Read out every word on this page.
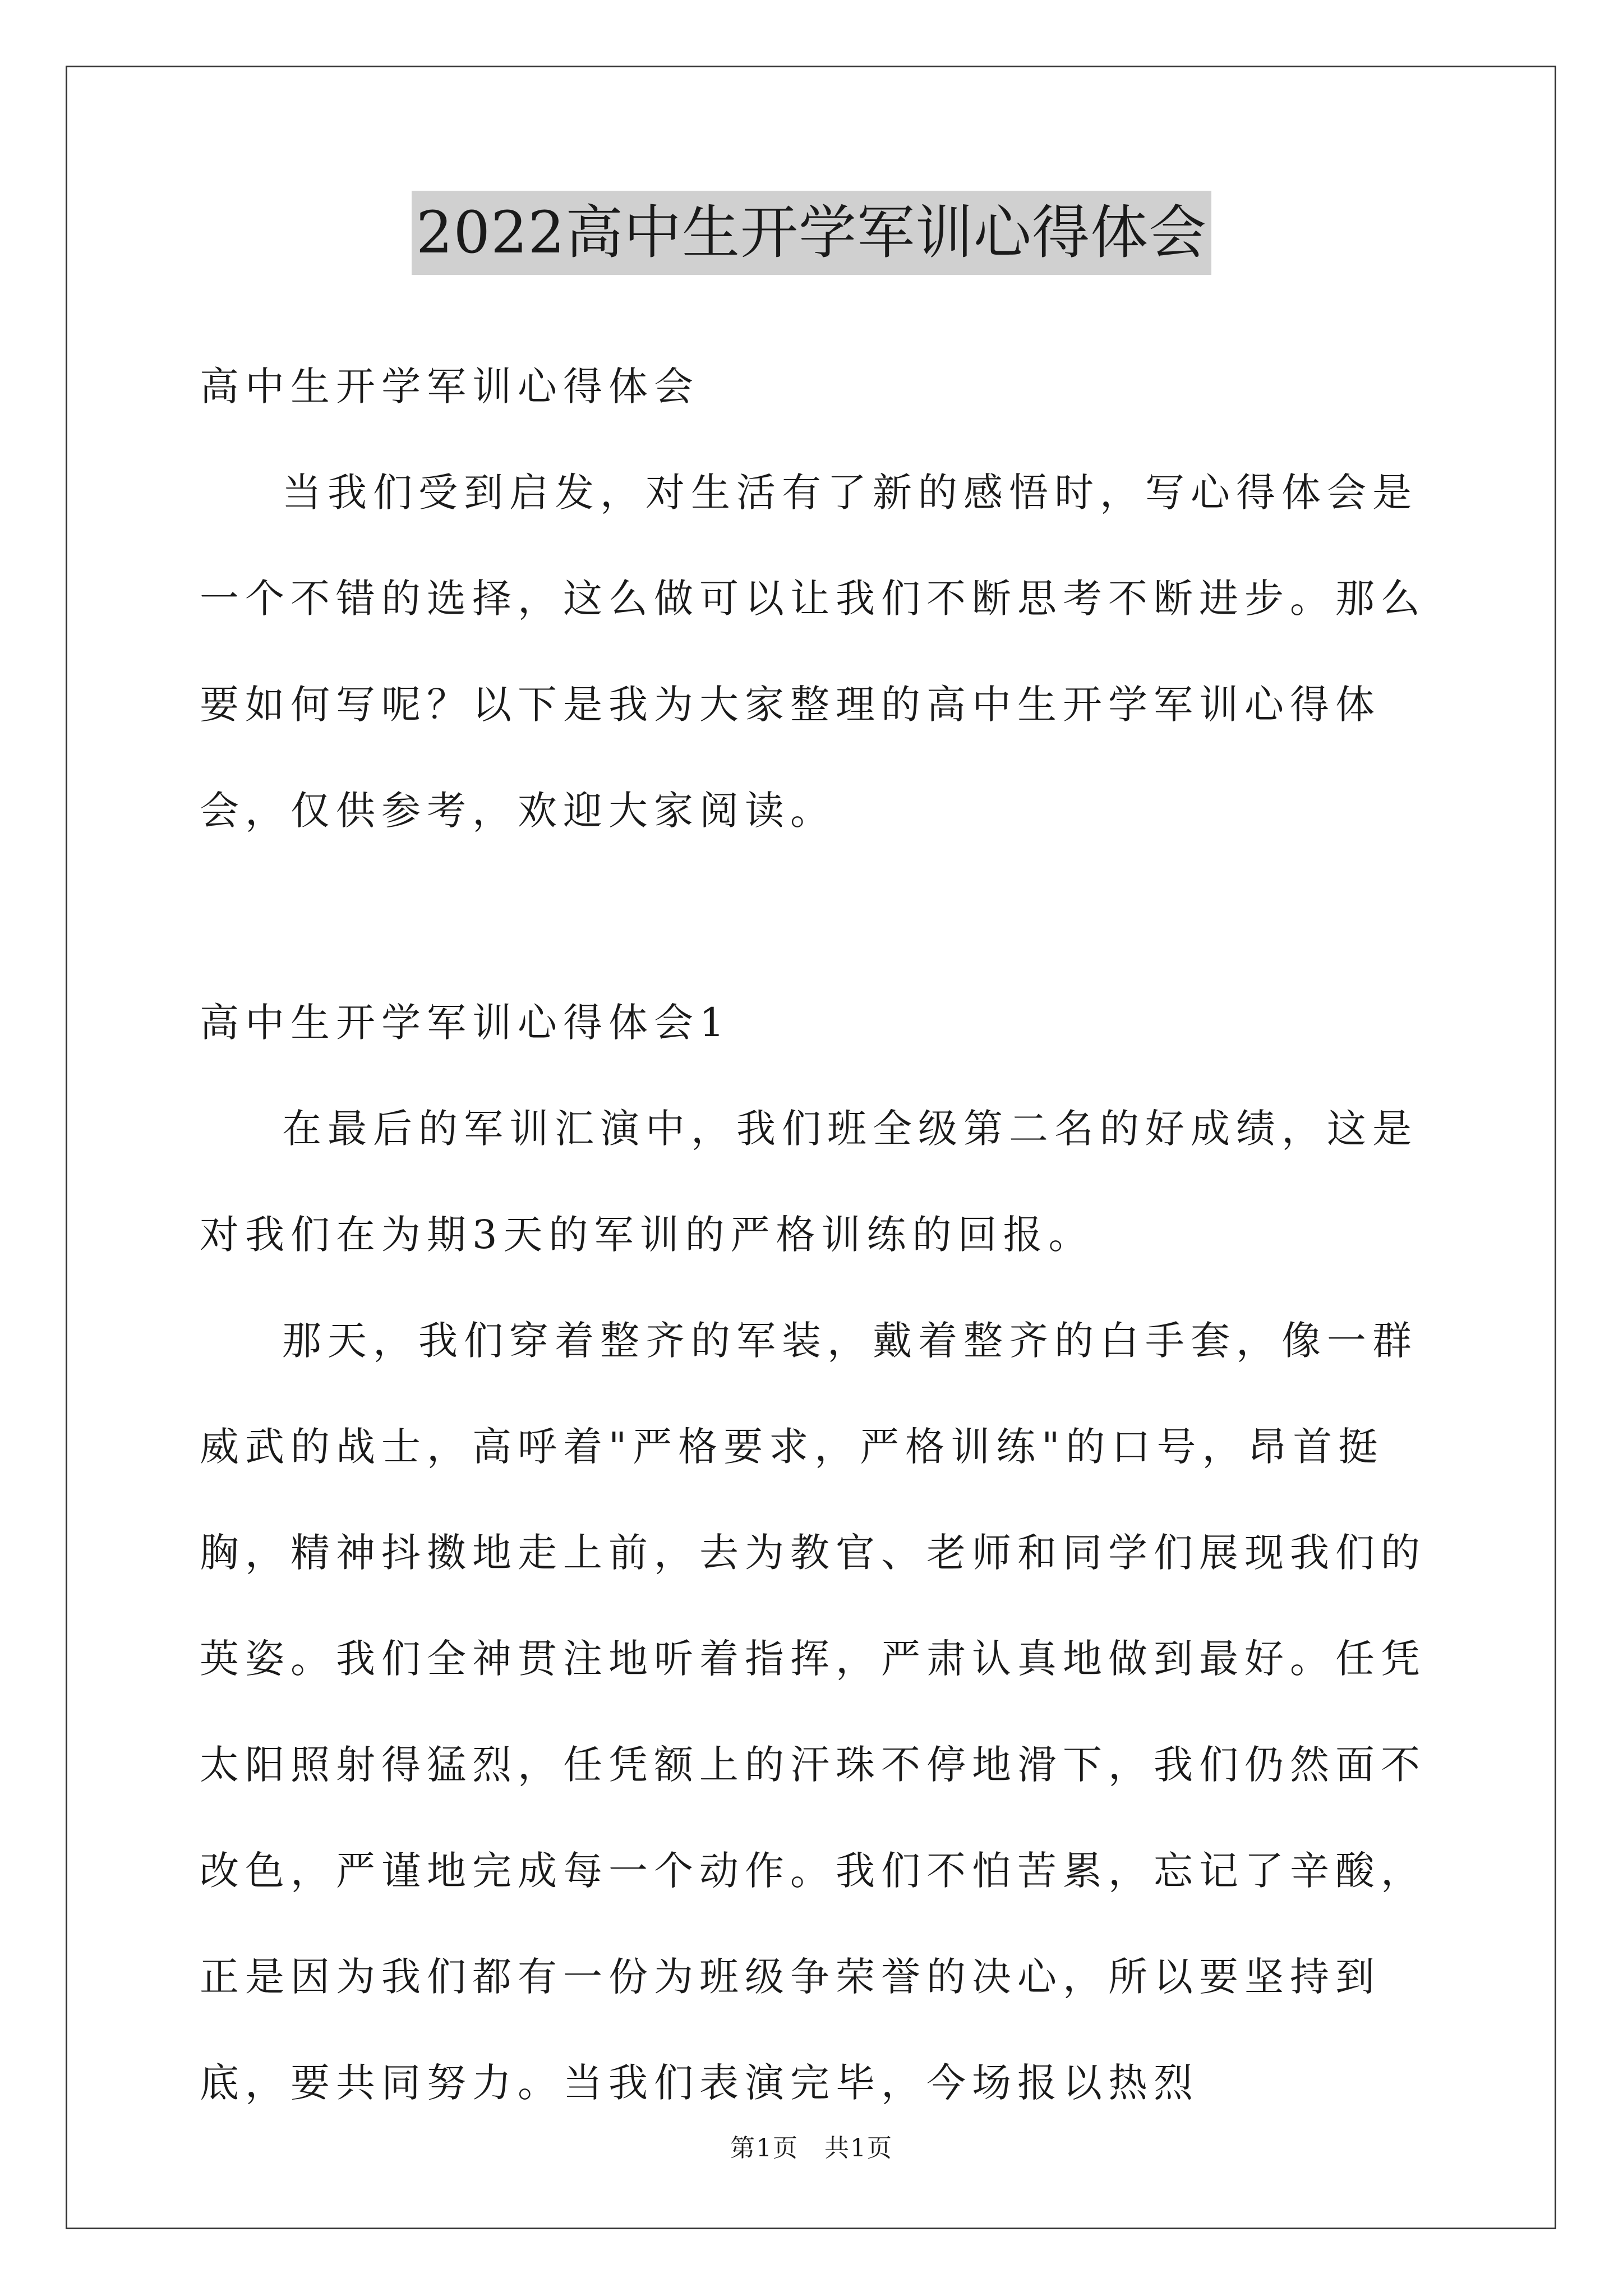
2022高中生开学军训心得体会

高中生开学军训心得体会

当我们受到启发，对生活有了新的感悟时，写心得体会是一个不错的选择，这么做可以让我们不断思考不断进步。那么要如何写呢？以下是我为大家整理的高中生开学军训心得体会，仅供参考，欢迎大家阅读。

高中生开学军训心得体会1

在最后的军训汇演中，我们班全级第二名的好成绩，这是对我们在为期3天的军训的严格训练的回报。

那天，我们穿着整齐的军装，戴着整齐的白手套，像一群威武的战士，高呼着"严格要求，严格训练"的口号，昂首挺胸，精神抖擞地走上前，去为教官、老师和同学们展现我们的英姿。我们全神贯注地听着指挥，严肃认真地做到最好。任凭太阳照射得猛烈，任凭额上的汗珠不停地滑下，我们仍然面不改色，严谨地完成每一个动作。我们不怕苦累，忘记了辛酸，正是因为我们都有一份为班级争荣誉的决心，所以要坚持到底，要共同努力。当我们表演完毕，今场报以热烈

第1页　共1页
